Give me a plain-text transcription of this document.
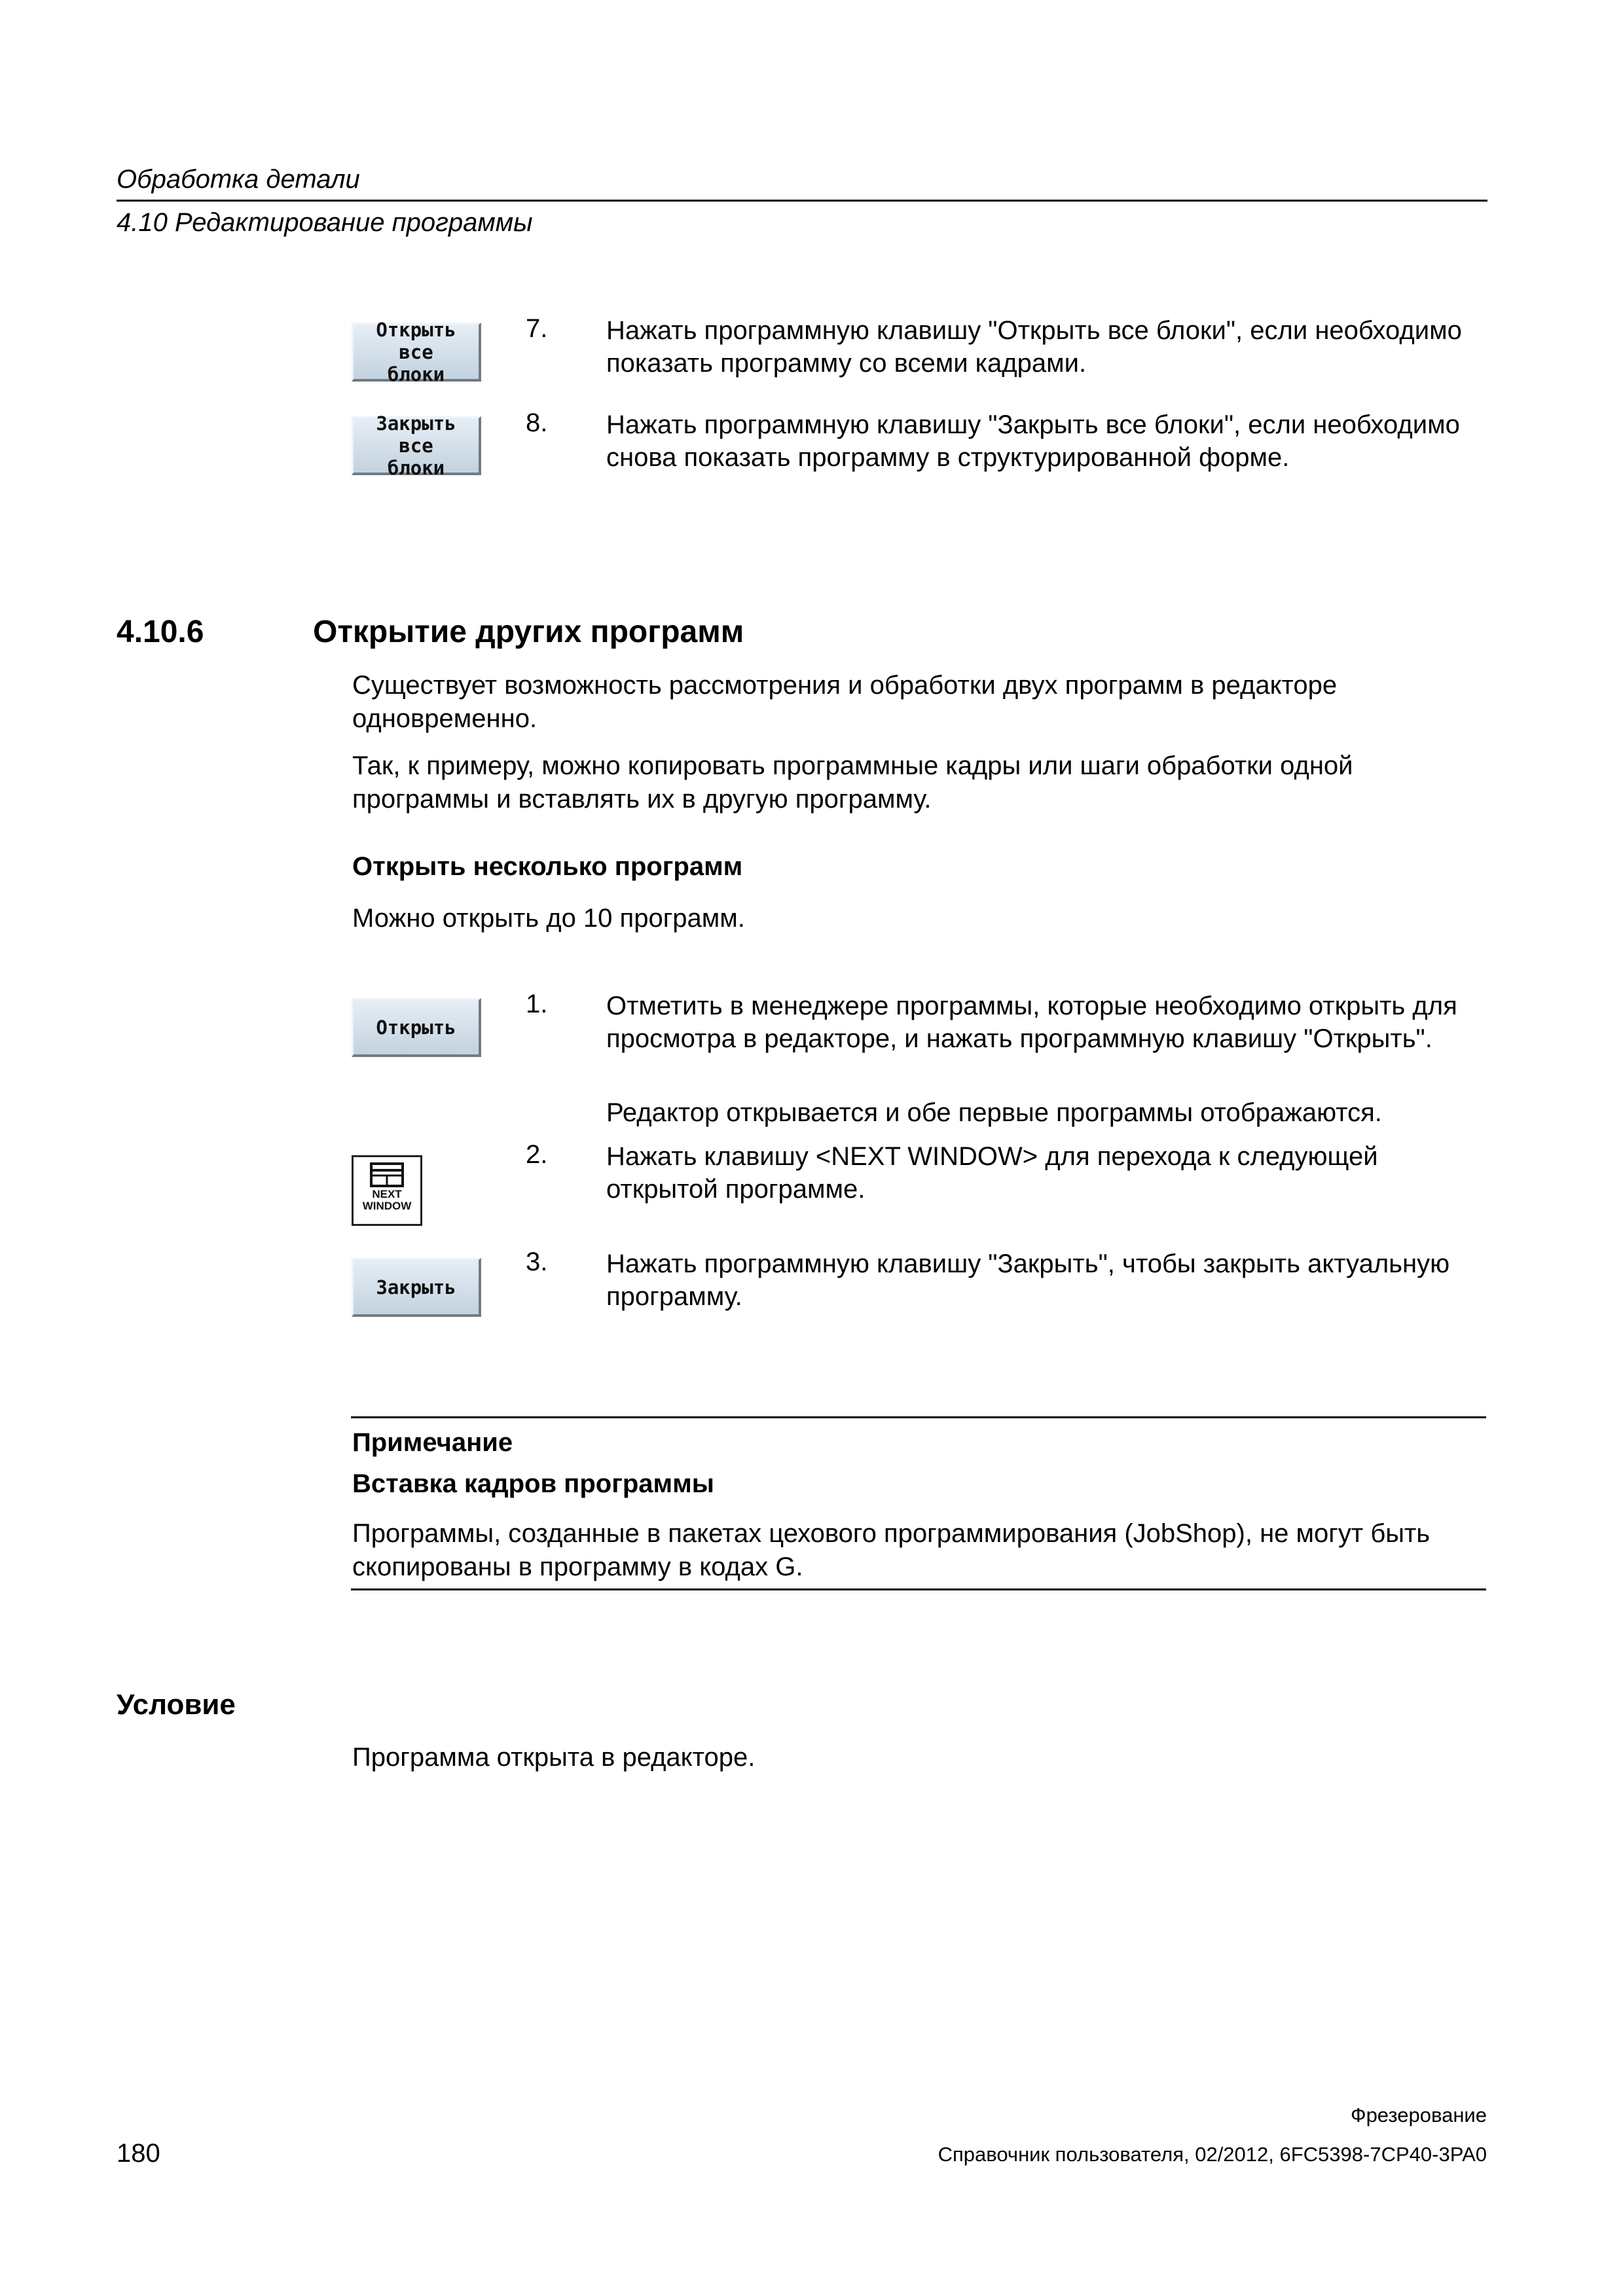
Обработка детали
4.10 Редактирование программы
Открыть все
блоки
Закрыть все
блоки
7. Нажать программную клавишу "Открыть все блоки", если необходимо показать программу со всеми кадрами.
8. Нажать программную клавишу "Закрыть все блоки", если необходимо снова показать программу в структурированной форме.
4.10.6	Открытие других программ
Существует возможность рассмотрения и обработки двух программ в редакторе одновременно.
Так, к примеру, можно копировать программные кадры или шаги обработки одной программы и вставлять их в другую программу.
Открыть несколько программ
Можно открыть до 10 программ.
Открыть
NEXT
WINDOW
Закрыть
1. Отметить в менеджере программы, которые необходимо открыть для просмотра в редакторе, и нажать программную клавишу "Открыть".
Редактор открывается и обе первые программы отображаются.
2. Нажать клавишу <NEXT WINDOW> для перехода к следующей открытой программе.
3. Нажать программную клавишу "Закрыть", чтобы закрыть актуальную программу.
Примечание
Вставка кадров программы
Программы, созданные в пакетах цехового программирования (JobShop), не могут быть скопированы в программу в кодах G.
Условие
Программа открыта в редакторе.
Фрезерование
180	Справочник пользователя, 02/2012, 6FC5398-7CP40-3PA0
